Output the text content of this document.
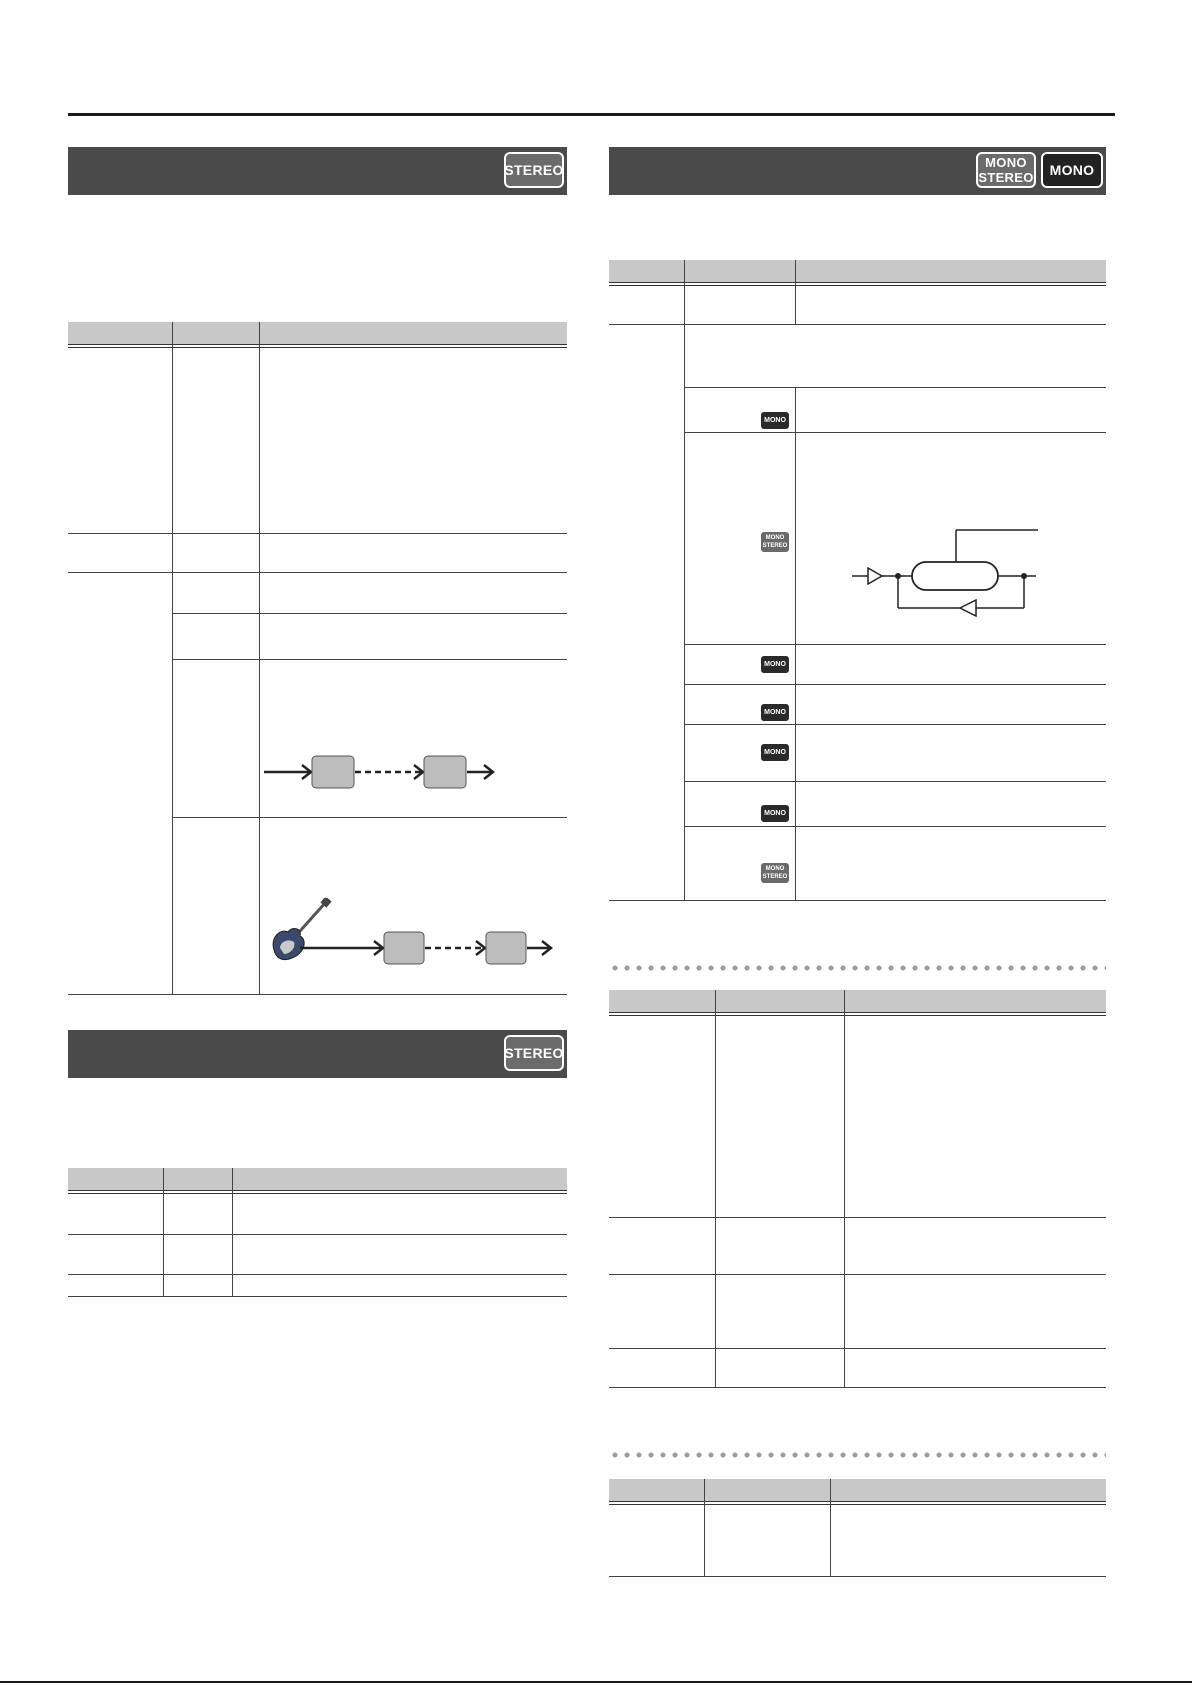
STEREO
STEREO
MONO
STEREO	MONO
MONO
MONO
STEREO
MONO
MONO
MONO
MONO
MONO
STEREO
